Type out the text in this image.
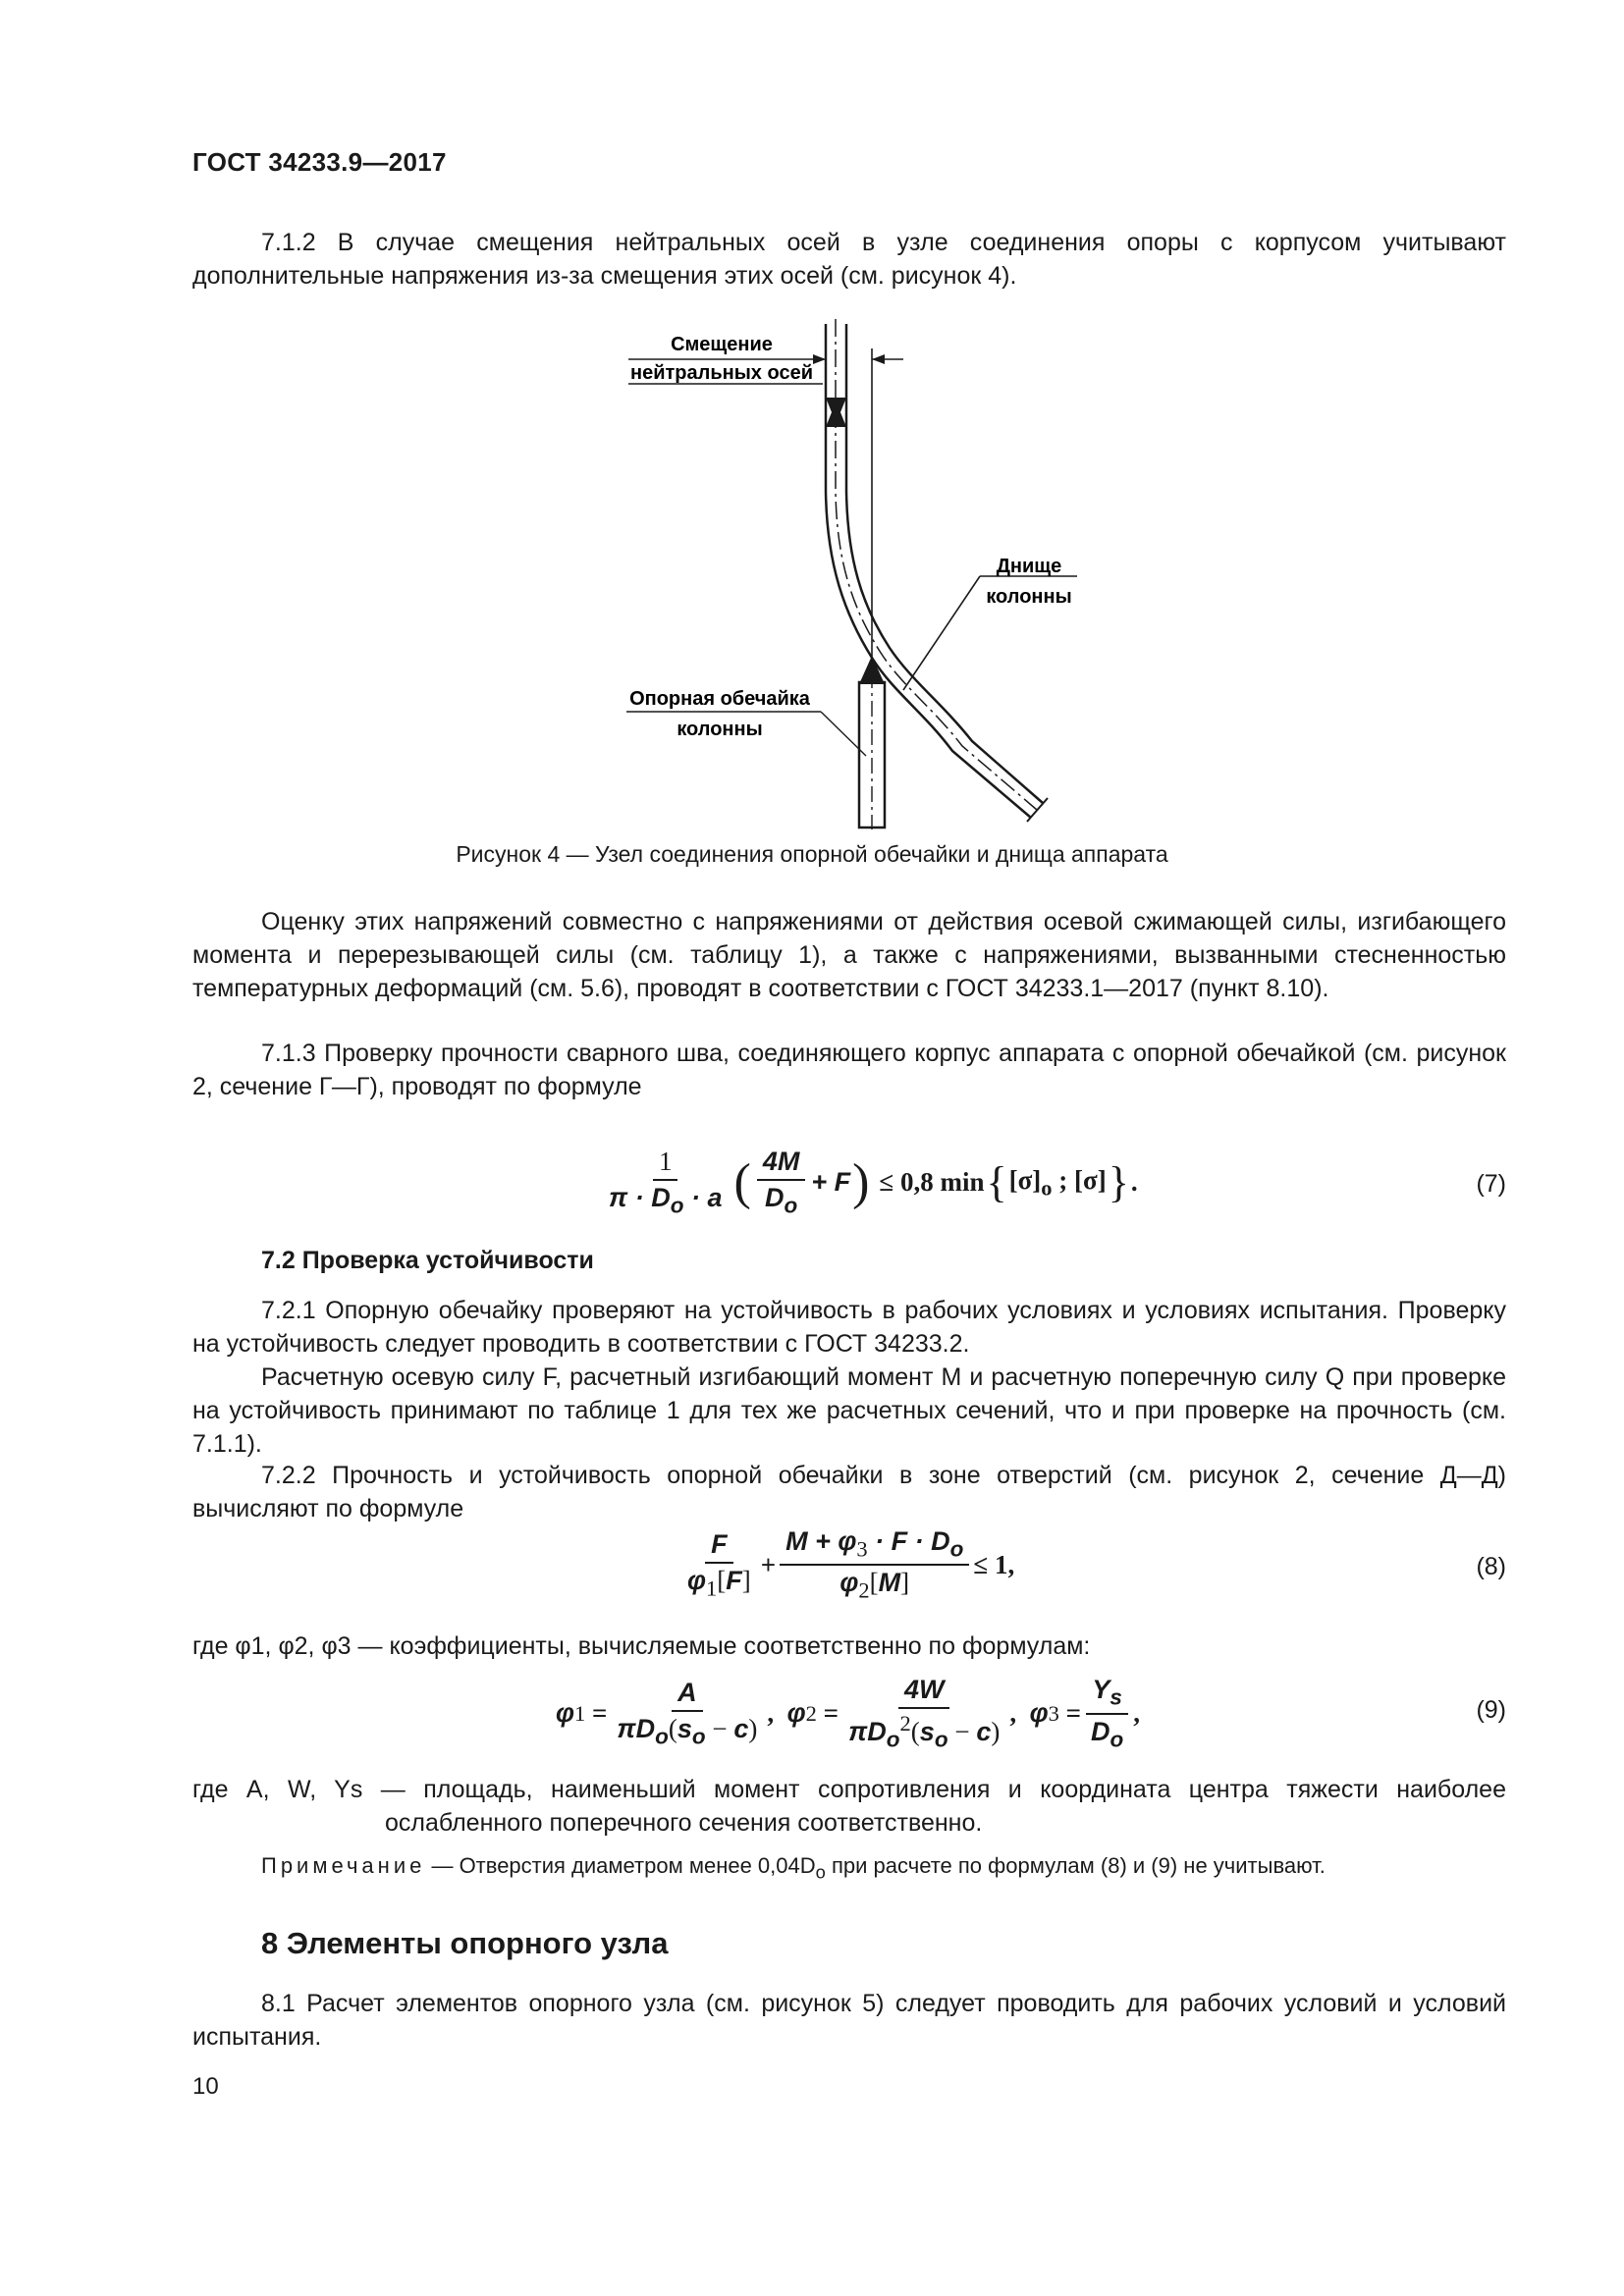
ГОСТ 34233.9—2017
7.1.2 В случае смещения нейтральных осей в узле соединения опоры с корпусом учитывают дополнительные напряжения из-за смещения этих осей (см. рисунок 4).
Смещение
нейтральных осей
Днище
колонны
Опорная обечайка
колонны
Рисунок 4 — Узел соединения опорной обечайки и днища аппарата
Оценку этих напряжений совместно с напряжениями от действия осевой сжимающей силы, изгибающего момента и перерезывающей силы (см. таблицу 1), а также с напряжениями, вызванными стесненностью температурных деформаций (см. 5.6), проводят в соответствии с ГОСТ 34233.1—2017 (пункт 8.10).
7.1.3 Проверку прочности сварного шва, соединяющего корпус аппарата с опорной обечайкой (см. рисунок 2, сечение Г—Г), проводят по формуле
$\frac{1}{\pi \cdot D_o \cdot a}$ ( $\frac{4M}{D_o} + F$ ) ≤ 0,8 min { $[\sigma]_o$ ; [σ] } .	(7)
7.2 Проверка устойчивости
7.2.1 Опорную обечайку проверяют на устойчивость в рабочих условиях и условиях испытания. Проверку на устойчивость следует проводить в соответствии с ГОСТ 34233.2.
Расчетную осевую силу F, расчетный изгибающий момент M и расчетную поперечную силу Q при проверке на устойчивость принимают по таблице 1 для тех же расчетных сечений, что и при проверке на прочность (см. 7.1.1).
7.2.2 Прочность и устойчивость опорной обечайки в зоне отверстий (см. рисунок 2, сечение Д—Д) вычисляют по формуле
$\frac{F}{\varphi_1[F]} + \frac{M + \varphi_3 \cdot F \cdot D_o}{\varphi_2[M]} \le 1$,	(8)
где φ1, φ2, φ3 — коэффициенты, вычисляемые соответственно по формулам:
φ $1 = \frac{A}{\pi D_o(s_o - c)}$ , φ $2 = \frac{4W}{\pi D_o^2(s_o - c)}$ , φ $3 = \frac{Y_s}{D_o}$ ,	(9)
где A, W, Ys — площадь, наименьший момент сопротивления и координата центра тяжести наиболее ослабленного поперечного сечения соответственно.
Примечание — Отверстия диаметром менее $0,04D_o$ при расчете по формулам (8) и (9) не учитывают.
8 Элементы опорного узла
8.1 Расчет элементов опорного узла (см. рисунок 5) следует проводить для рабочих условий и условий испытания.
10
